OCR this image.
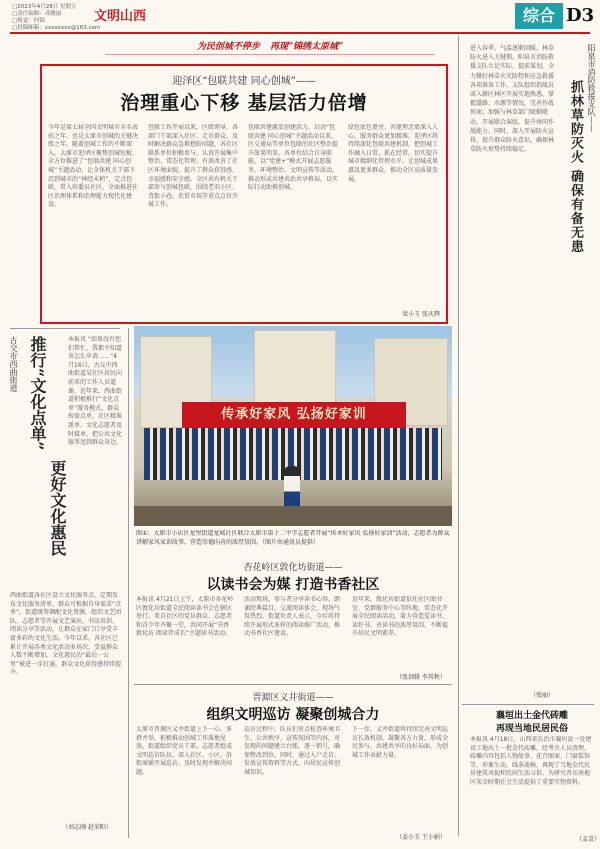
□2023年4月28日 星期五
□责任编辑：邓雅丽
□视觉：何锦
□投稿邮箱：xxxxxxxx@163.com
文明山西	综合 D3
为民创城不停步 再现“锦绣太原城”
迎泽区“包联共建 同心创城”——
治理重心下移 基层活力倍增
今年是第七届全国文明城市全名表彰之年。也是太原市创城的关键决胜之年。随着创城工作的不断深入，太原市迎泽区聚焦创城短板，全方位推进了“包联共建 同心创城”主题活动，让全体机关干部下沉到城市的“神经末梢”，定点包联，常入驻委员社区。全面推进社区治理体系和治理能力现代化建设。
包联工作开展以来，区级领导、各部门干部深入社区、走访群众，及时解决群众急难愁盼问题，各社区联系单位积极参与，认真开展集中整治、常态化管理，有效改善了社区环境面貌，提升了群众获得感、幸福感和安全感。全区共有机关干部参与创城包联，围绕老旧小区、背街小巷、农贸市场等重点点位开展工作。
包联共建激发创建活力。启动“包联共建 同心创城”主题活动以来，区交通局等单位包联的社区整治提升效果明显。各单位结合自身职能，以“党建+”模式开展志愿服务、环境整治、文明宣传等活动，推动形成共建共治共享格局，以实际行动助推创城。
绿色底色更亮、共建理念更深入人心，服务群众更加精准。迎泽区将持续深化包联共建机制，把创城工作融入日常、抓在经常，切实提升城市精细化管理水平。让创城成果惠及更多群众，推动全区高质量发展。
梁小玉 张庆辉
进入春季，气温逐渐回暖，林草防火进入关键期。阳泉市消防救援支队立足实际，提前谋划，全力做好林草火灾防控和应急救援各项准备工作。支队组织指战员深入辖区林区开展实地熟悉，掌握道路、水源等情况，完善作战预案；加强与林草部门联勤联动，开展联合演练，提升协同作战能力。同时，深入开展防火宣传，提升群众防火意识，确保林草防火形势持续稳定。
阳泉市消防救援支队——
抓林草防灭火 确保有备无患
（张丽）
襄垣出土金代砖雕
再现当地民居民俗
本报讯 4月18日，山西省长治市襄垣县一处建设工地出土一批金代砖雕，经考古人员清理，砖雕内容包括人物故事、花卉图案、门窗装饰等，形象生动，线条流畅，再现了当地金代民居建筑风貌和民间生活习俗，为研究晋东南地区宋金时期社会生活提供了重要实物资料。
（孟喜）
古交市西曲街道 推行“文化点单”
更好文化惠民
本报讯 “如果没有您们帮忙，我都不知道该怎么申请……”4月16日，古交市西曲街道某社区居民向前来的工作人员道谢。近年来，西曲街道积极推行“文化点单”服务模式，群众按需点单，社区精准派单，文化志愿者及时接单，把公共文化服务送到群众身边。
西曲街道各社区设立文化服务点，定期发布文化服务清单，群众可根据自身需求“点单”，街道统筹调配文化资源，组织文艺团队、志愿者等开展文艺演出、书法培训、阅读分享等活动，让群众在家门口享受丰富多彩的文化生活。今年以来，各社区已累计开展各类文化活动多场次，受益群众人数不断增加。文化惠民的“最后一公里”被进一步打通，群众文化获得感持续提升。
（刘志刚 赵荣阳）
传承好家风 弘扬好家训
图①：太原市小店区龙堡街道龙城社区联合太原市第十二中学志愿者开展“传承好家风 弘扬好家训”活动，志愿者为群众讲解家风家训故事，营造崇德向善的浓厚氛围。（图片由通讯员提供）
杏花岭区敦化坊街道——
以读书会为媒 打造书香社区
本报讯 4月21日上午，太原市杏花岭区敦化坊街道全民阅读读书会在辖区举行。来自社区的党员群众、志愿者和青少年齐聚一堂，共同开展“书香敦化坊 阅读伴成长”主题读书活动。
活动现场，参与者分享读书心得，朗诵经典篇目，交流阅读体会，现场气氛热烈。街道负责人表示，今后将持续开展形式多样的阅读推广活动，推动书香社区建设。
近年来，敦化坊街道依托社区图书室、党群服务中心等阵地，常态化开展全民阅读活动，着力营造爱读书、读好书、善读书的浓厚氛围，不断提升居民文明素养。
（张剑锋 李其秋）
晋源区义井街道——
组织文明巡访 凝聚创城合力
太原市晋源区义井街道上下一心，多措并举，积极推动创城工作落地见效。街道组织党员干部、志愿者组成文明巡访队伍，深入社区、小区、沿街商铺开展巡访，及时发现并解决问题。
巡访过程中，队员们重点检查环境卫生、公共秩序、宣传氛围等内容，对发现的问题建立台账，逐一销号，确保整改到位。同时，通过入户走访、发放宣传资料等方式，向居民宣传创城知识。
下一步，义井街道将持续完善文明巡访长效机制，凝聚各方力量，形成全民参与、共建共享的良好局面，为创城工作贡献力量。
（姜小玉 王小娟）
